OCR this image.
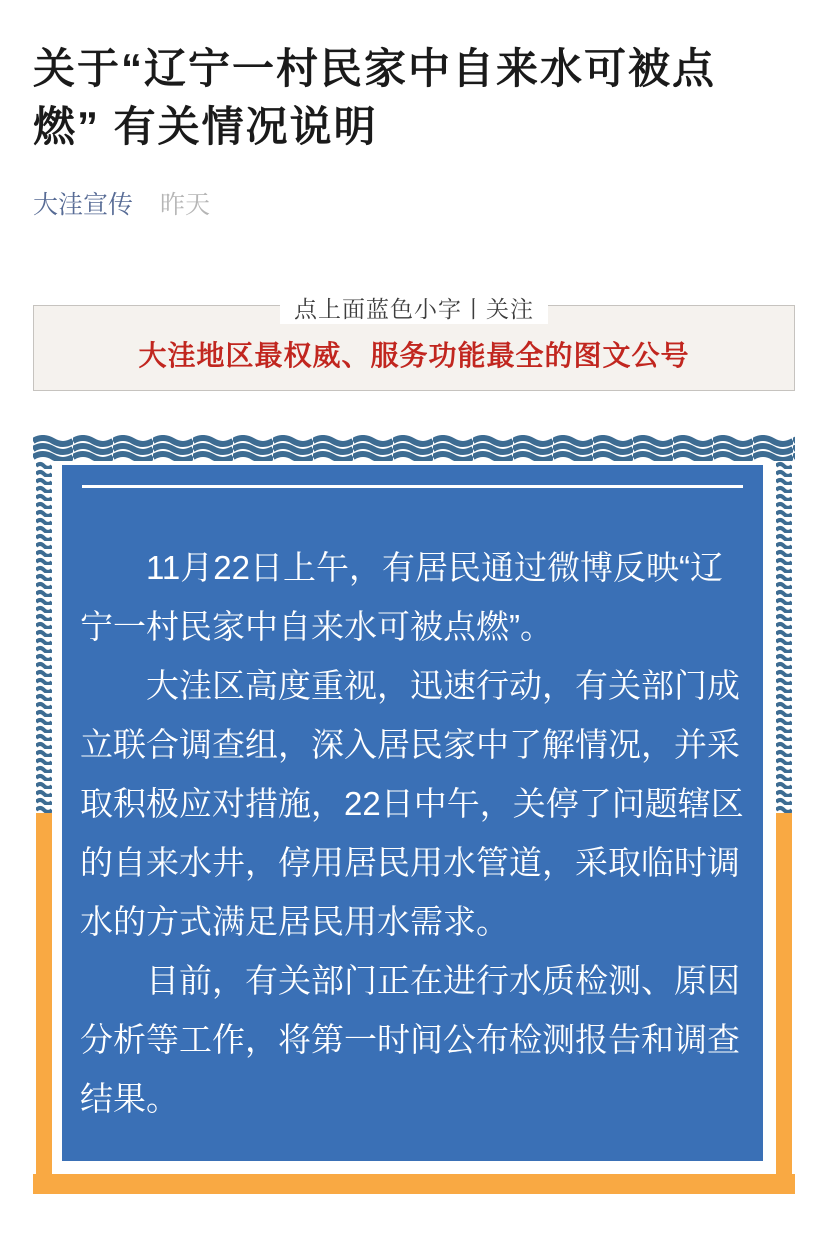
关于“辽宁一村民家中自来水可被点燃” 有关情况说明
大洼宣传 昨天
点上面蓝色小字丨关注
大洼地区最权威、服务功能最全的图文公号

11月22日上午，有居民通过微博反映“辽宁一村民家中自来水可被点燃”。

大洼区高度重视，迅速行动，有关部门成立联合调查组，深入居民家中了解情况，并采取积极应对措施，22日中午，关停了问题辖区的自来水井，停用居民用水管道，采取临时调水的方式满足居民用水需求。

目前，有关部门正在进行水质检测、原因分析等工作，将第一时间公布检测报告和调查结果。
